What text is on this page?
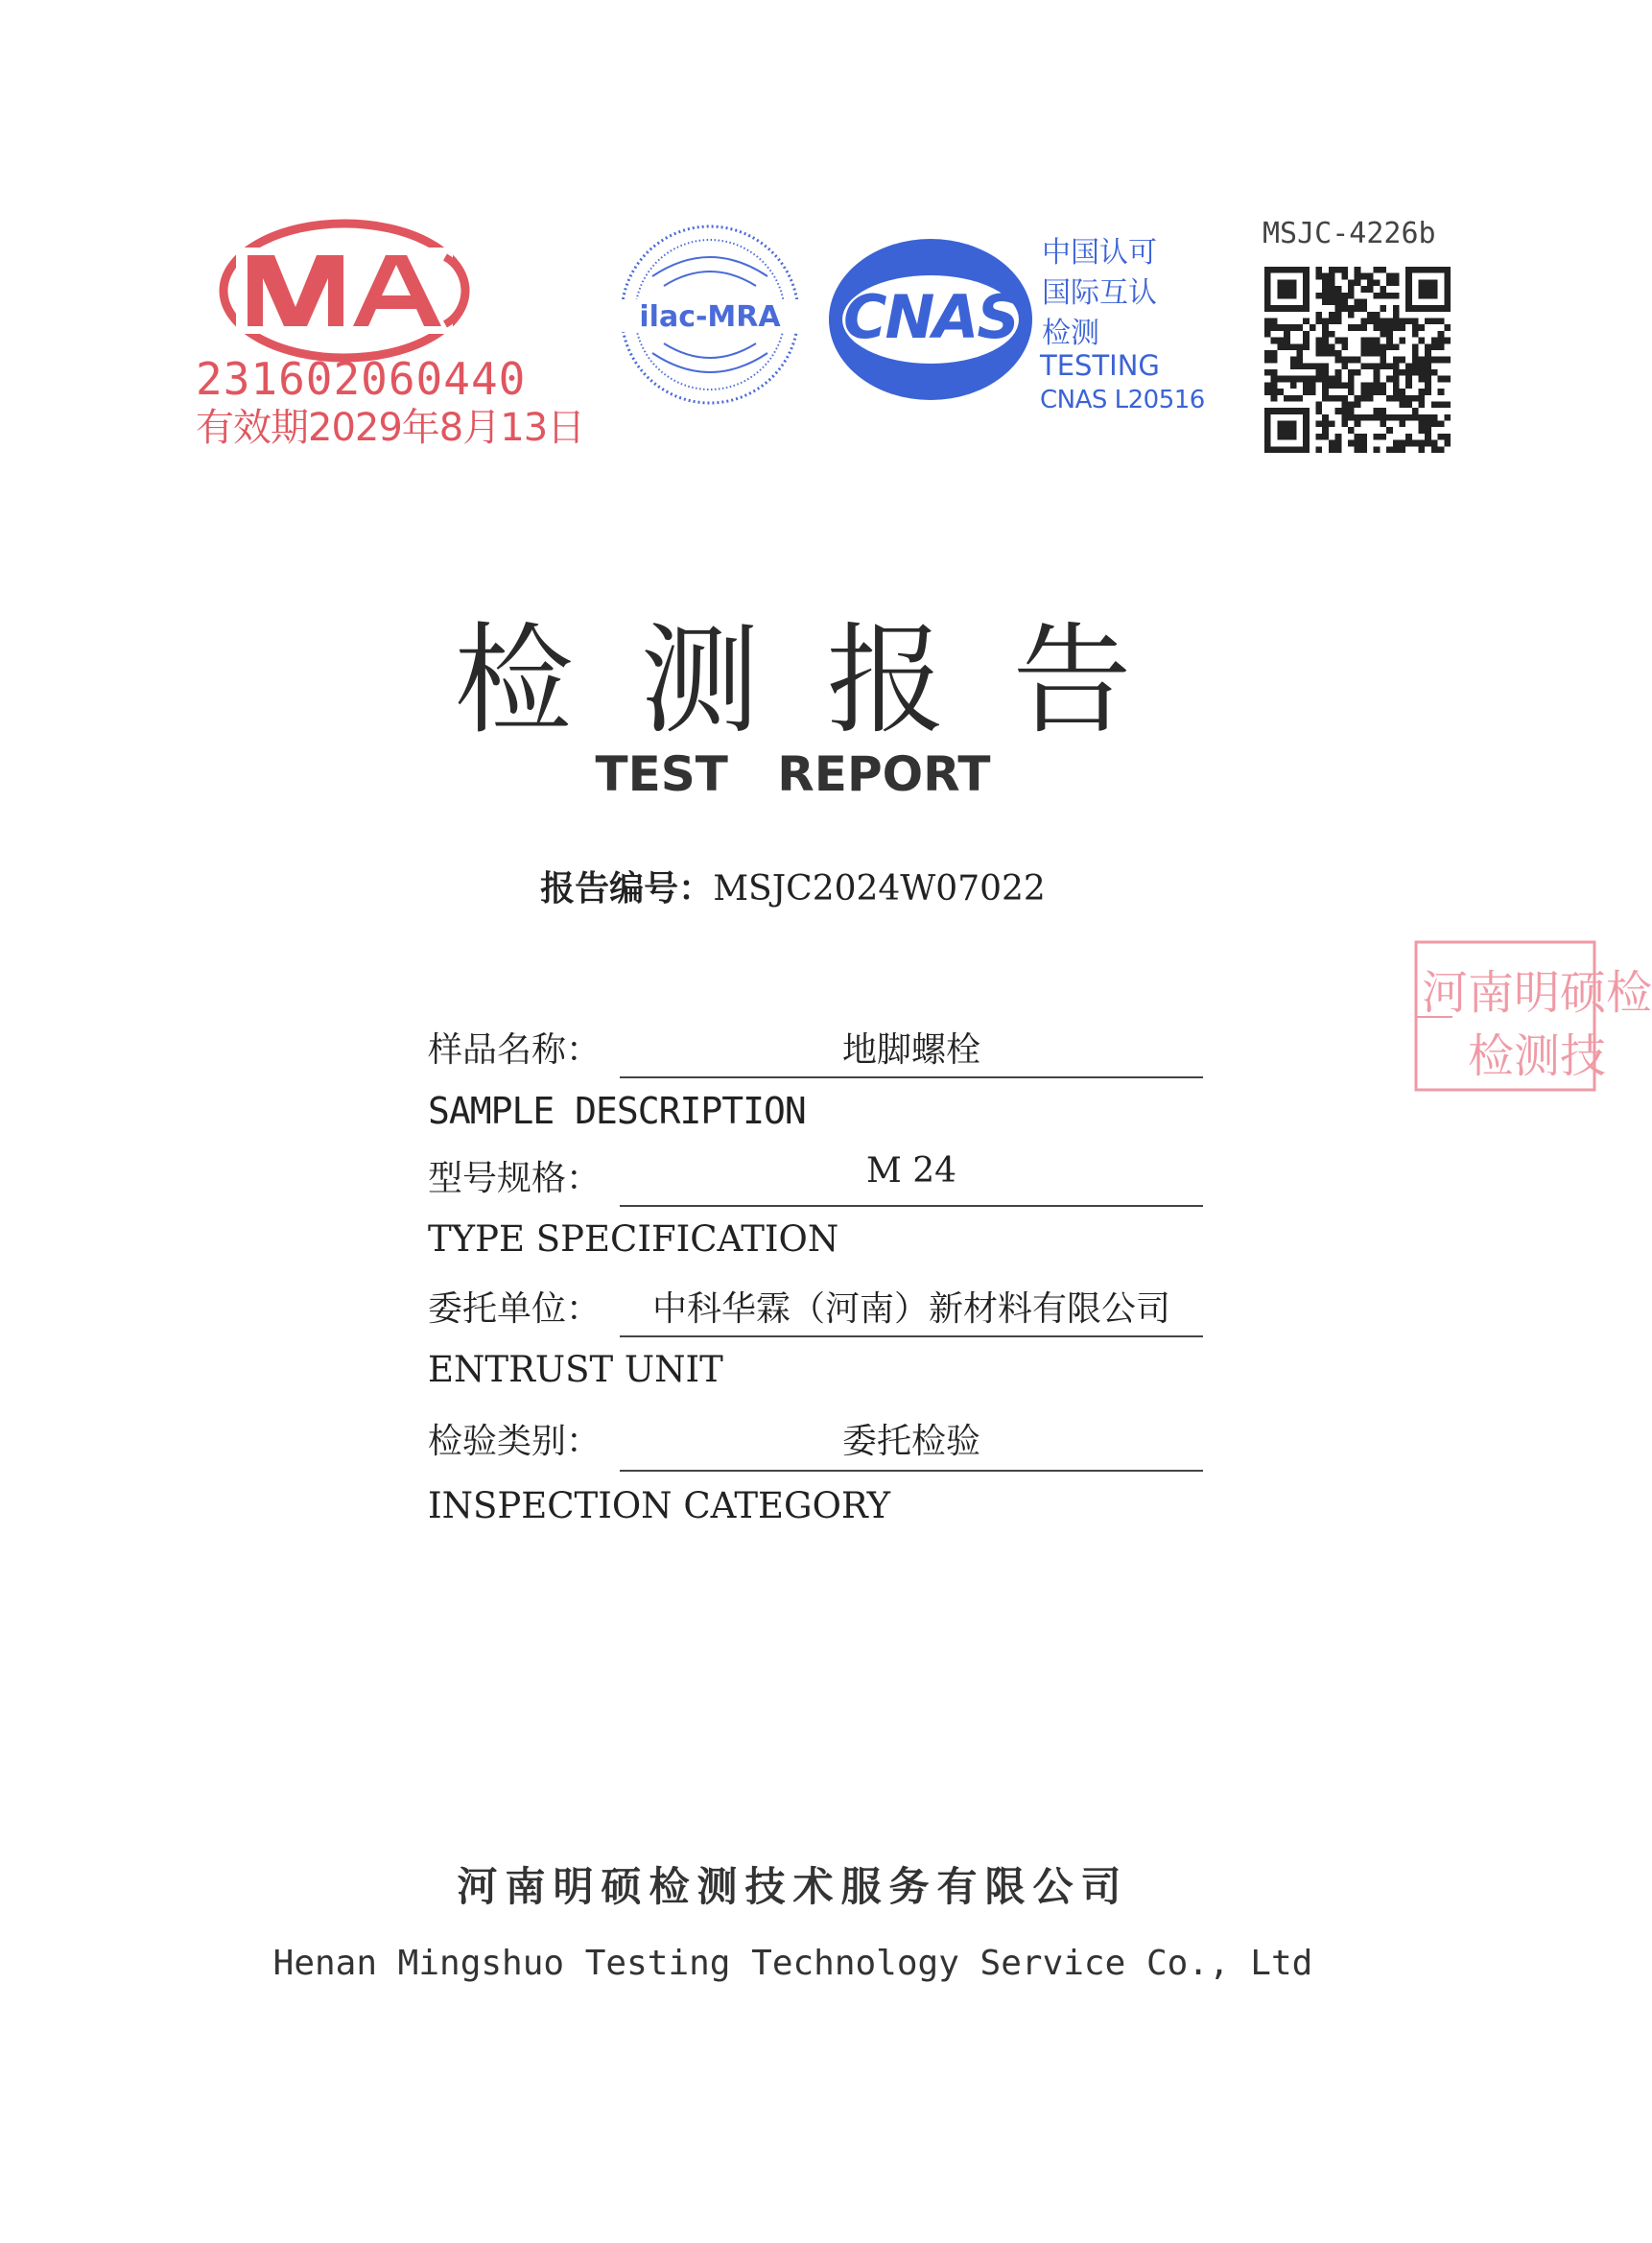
231602060440
有效期2029年8月13日
ilac-MRA CNAS
中国认可
国际互认
检测
TESTING
CNAS L20516
MSJC-4226b
河南明硕检
检测技
检测报告
TEST REPORT
报告编号：MSJC2024W07022
样品名称：	地脚螺栓
SAMPLE DESCRIPTION
型号规格：	M 24
TYPE SPECIFICATION
委托单位：	中科华霖（河南）新材料有限公司
ENTRUST UNIT
检验类别：	委托检验
INSPECTION CATEGORY
河南明硕检测技术服务有限公司
Henan Mingshuo Testing Technology Service Co., Ltd
